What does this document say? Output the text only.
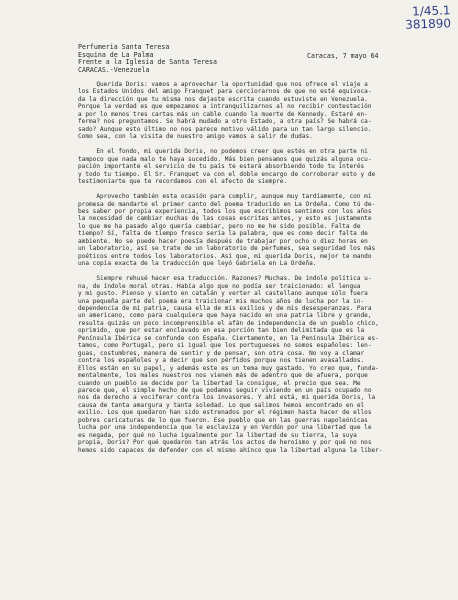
1/45.1
381890
Perfumeria Santa Teresa
Esquina de La Palma
Frente a la Iglesia de Santa Teresa
CARACAS.-Venezuela
Caracas, 7 mayo 64
Querida Doris: vamos a aprovechar la oportunidad que nos ofrece el viaje a
los Estados Unidos del amigo Franquet para cerciorarnos de que no esté equivoca-
da la dirección que tu misma nos dejaste escrita cuando estuviste en Venezuela.
Porque la verdad es que empezamos a intranquilizarnos al no recibir contestación
a por lo menos tres cartas más un cable cuando la muerte de Kennedy. Estaré en-
ferma? nos preguntamos. Se habrá mudado a otro Estado, a otra país? Se habrá ca-
sado? Aunque esto último no nos parece motivo válido para un tan largo silencio.
Como sea, con la visita de nuestro amigo vamos a salir de dudas.
En el fondo, mi querida Doris, no podemos creer que estés en otra parte ni
tampoco que nada malo te haya sucedido. Más bien pensamos que quizás alguna ocu-
pación importante el servicio de tu país te estará absorbiendo todo tu interés
y todo tu tiempo. El Sr. Franquet va con el doble encargo de corroborar esto y de
testimoniarte que te recordamos con el afecto de siempre.
Aprovecho también esta ocasión para cumplir, aunque muy tardíamente, con mi
promesa de mandarte el primer canto del poema traducido en La Ordeña. Como tú de-
bes saber por propia experiencia, todos los que escribimos sentimos con los años
la necesidad de cambiar muchas de las cosas escritas antes, y esto es justamente
lo que me ha pasado algo quería cambiar, pero no me he sido posible. Falta de
tiempo? Sí, falta de tiempo fresco sería la palabra, que es como decir falta de
ambiente. No se puede hacer poesía después de trabajar por ocho o diez horas en
un laboratorio, así se trate de un laboratorio de perfumes, sea seguridad los más
poéticos entre todos los laboratorios. Así que, mi querida Doris, mejor te mando
una copia exacta de la traducción que leyó Gabriela en La Ordeña.
Siempre rehusé hacer esa traducción. Razones? Muchas. De índole política u-
na, de índole moral otras. Había algo que no podía ser traicionado: el lengua
y mi gusto. Pienso y siento en catalán y verter al castellano aunque sólo fuera
una pequeña parte del poema era traicionar mis muchos años de lucha por la in-
dependencia de mi patria, causa ella de mis exilios y de mis desesperanzas. Para
un americano, como para cualquiera que haya nacido en una patria libre y grande,
resulta quizás un poco incomprensible el afán de independencia de un pueblo chico,
oprimido, que por estar enclavado en esa porción tan bien delimitada que es la
Península Ibérica se confunde con España. Ciertamente, en la Península Ibérica es-
tamos, como Portugal, pero si igual que los portugueses no somos españoles: len-
guas, costumbres, manera de sentir y de pensar, son otra cosa. No voy a clamar
contra los españoles y a decir que son pérfidos porque nos tienen avasallados.
Ellos están en su papel, y además este es un tema muy gastado. Yo creo que, funda-
mentalmente, los males nuestros nos vienen más de adentro que de afuera, porque
cuando un pueblo se decide por la libertad la consigue, el precio que sea. Me
parece que, el simple hecho de que podamos seguir viviendo en un país ocupado no
nos da derecho a vociferar contra los invasores. Y ahí está, mi querida Doris, la
causa de tanta amargura y tanta soledad. Lo que salimos hemos encontrado en el
exilio. Los que quedaron han sido estrenados por el régimen hasta hacer de ellos
pobres caricaturas de lo que fueron. Ese pueblo que en las guerras napoleónicas
lucha por una independencia que le esclaviza y en Verdún por una libertad que le
es negada, por qué no lucha igualmente por la libertad de su tierra, la suya
propia, Doris? Por qué quedaron tan atrás los actos de heroísmo y por qué no nos
hemos sido capaces de defender con el mismo ahínco que la libertad alguna la liber-
